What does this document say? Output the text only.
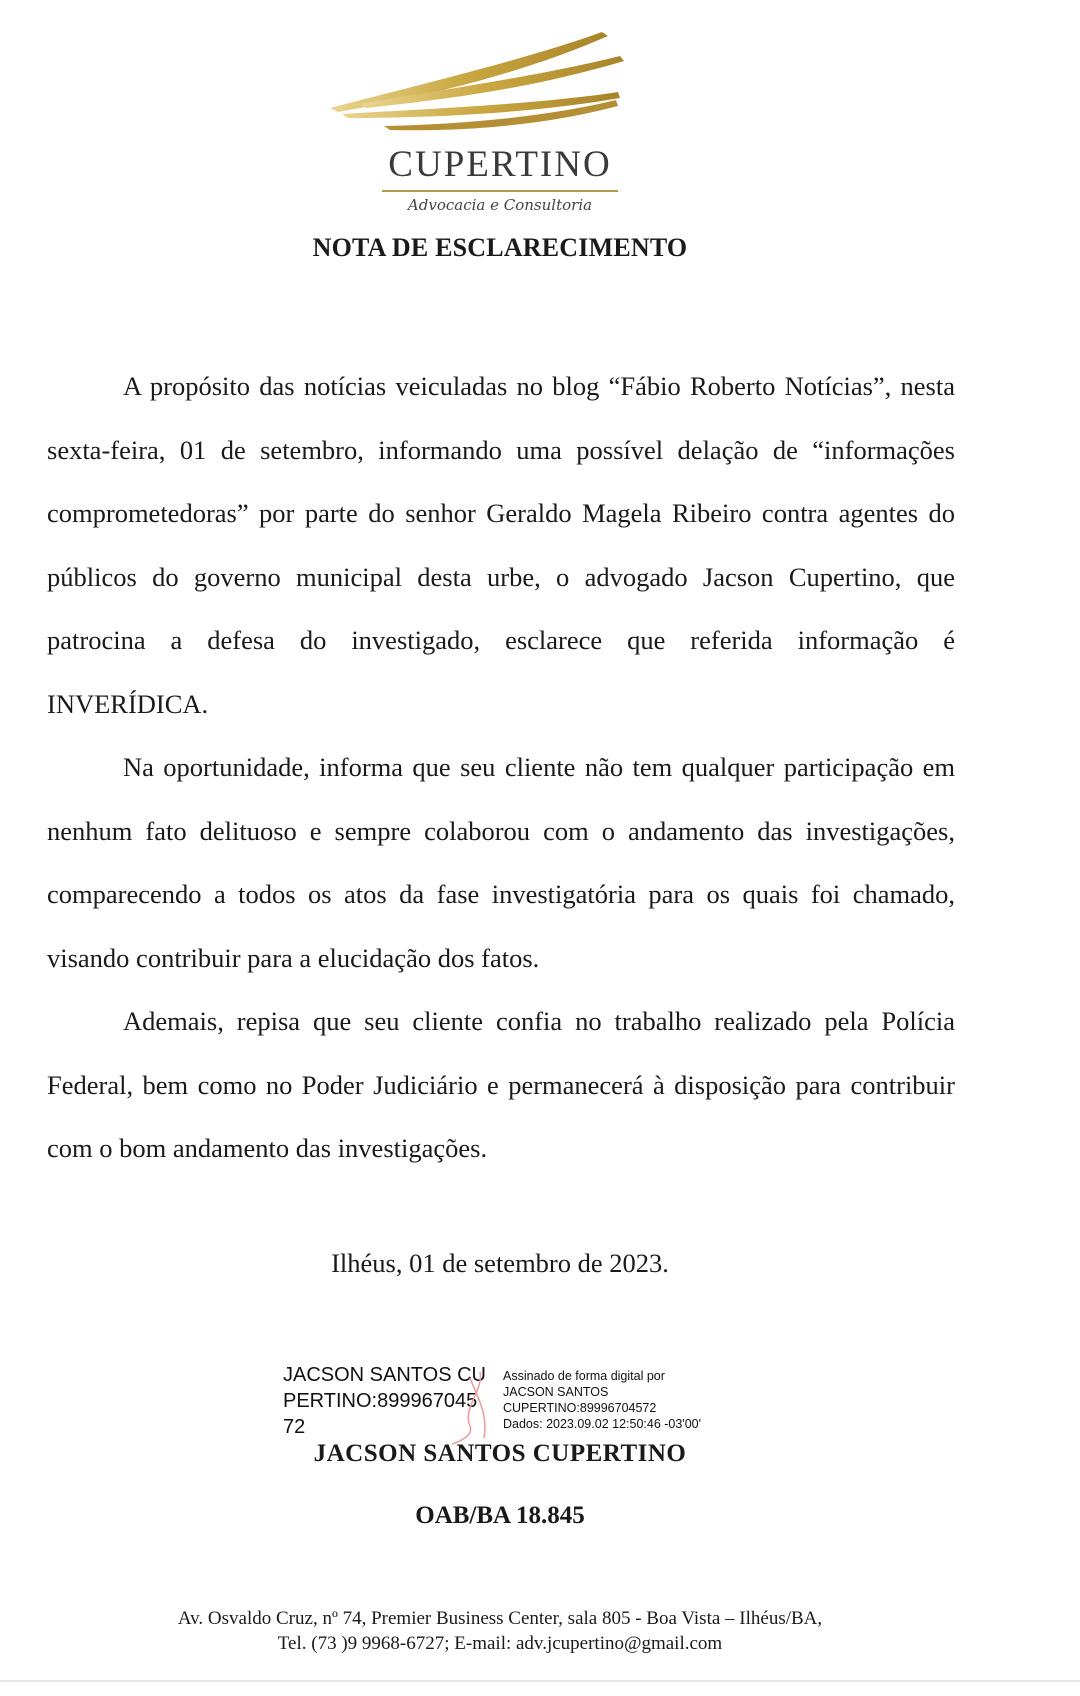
CUPERTINO
Advocacia e Consultoria
NOTA DE ESCLARECIMENTO

A propósito das notícias veiculadas no blog “Fábio Roberto Notícias”, nesta sexta-feira, 01 de setembro, informando uma possível delação de “informações comprometedoras” por parte do senhor Geraldo Magela Ribeiro contra agentes do públicos do governo municipal desta urbe, o advogado Jacson Cupertino, que patrocina a defesa do investigado, esclarece que referida informação é INVERÍDICA.

Na oportunidade, informa que seu cliente não tem qualquer participação em nenhum fato delituoso e sempre colaborou com o andamento das investigações, comparecendo a todos os atos da fase investigatória para os quais foi chamado, visando contribuir para a elucidação dos fatos.

Ademais, repisa que seu cliente confia no trabalho realizado pela Polícia Federal, bem como no Poder Judiciário e permanecerá à disposição para contribuir com o bom andamento das investigações.

Ilhéus, 01 de setembro de 2023.
JACSON SANTOS CUPERTINO:89996704572
Assinado de forma digital por
JACSON SANTOS
CUPERTINO:89996704572
Dados: 2023.09.02 12:50:46 -03'00'
JACSON SANTOS CUPERTINO
OAB/BA 18.845
Av. Osvaldo Cruz, nº 74, Premier Business Center, sala 805 - Boa Vista – Ilhéus/BA,
Tel. (73 )9 9968-6727; E-mail: adv.jcupertino@gmail.com
